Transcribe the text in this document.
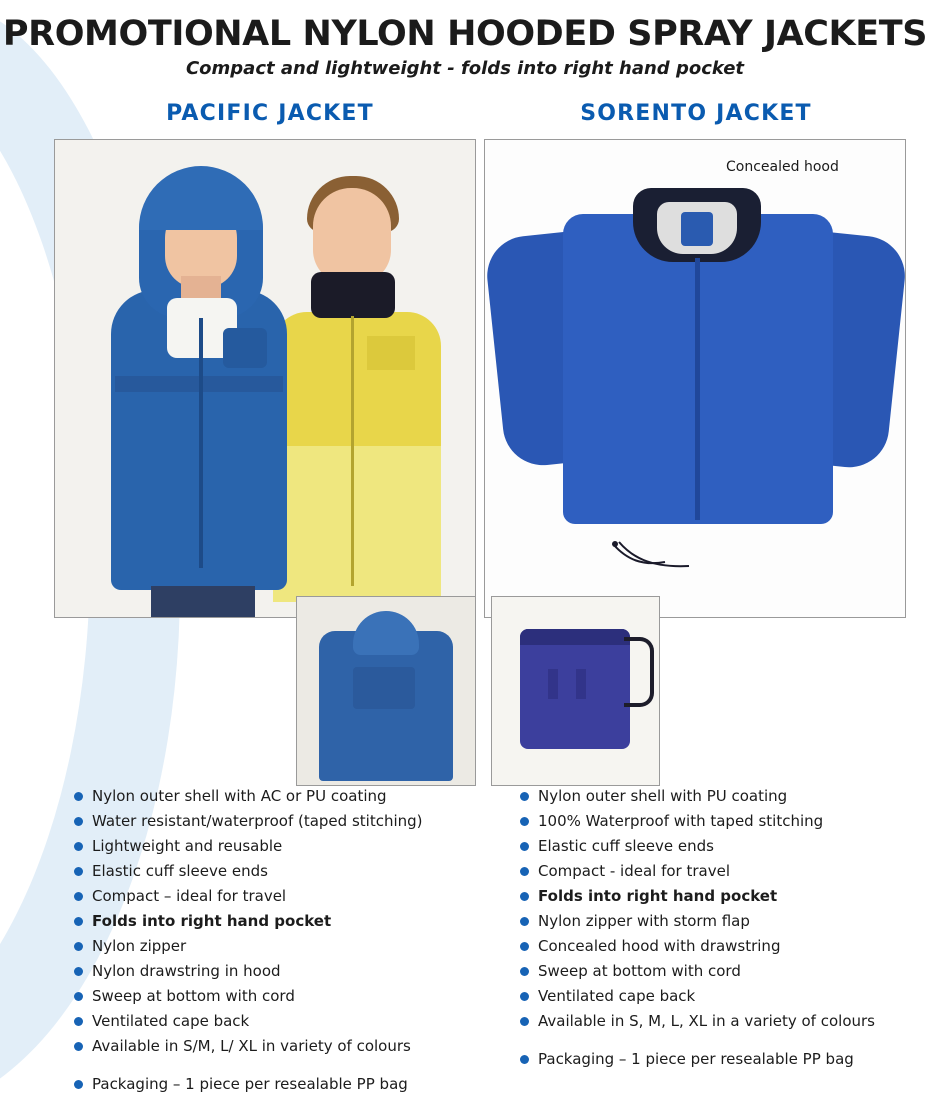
PROMOTIONAL NYLON HOODED SPRAY JACKETS
Compact and lightweight - folds into right hand pocket
PACIFIC JACKET	SORENTO JACKET
Concealed hood
Nylon outer shell with AC or PU coating
Water resistant/waterproof (taped stitching)
Lightweight and reusable
Elastic cuff sleeve ends
Compact – ideal for travel
Folds into right hand pocket
Nylon zipper
Nylon drawstring in hood
Sweep at bottom with cord
Ventilated cape back
Available in S/M, L/ XL in variety of colours
Packaging – 1 piece per resealable PP bag
Nylon outer shell with PU coating
100% Waterproof with taped stitching
Elastic cuff sleeve ends
Compact - ideal for travel
Folds into right hand pocket
Nylon zipper with storm flap
Concealed hood with drawstring
Sweep at bottom with cord
Ventilated cape back
Available in S, M, L, XL in a variety of colours
Packaging – 1 piece per resealable PP bag
